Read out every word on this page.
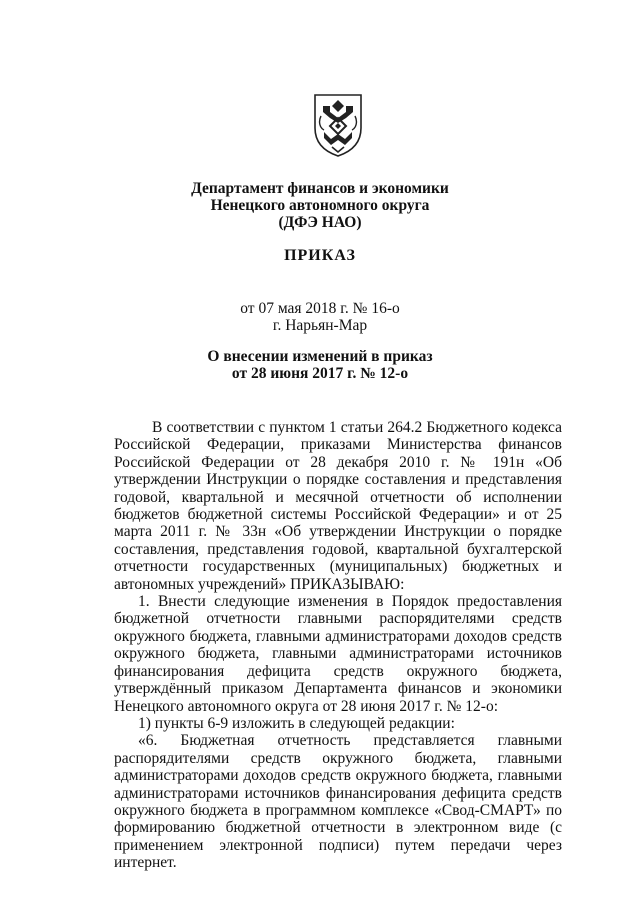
Департамент финансов и экономики
Ненецкого автономного округа
(ДФЭ НАО)
ПРИКАЗ
от 07 мая 2018 г. № 16-о
г. Нарьян-Мар
О внесении изменений в приказ
от 28 июня 2017 г. № 12-о

В соответствии с пунктом 1 статьи 264.2 Бюджетного кодекса Российской Федерации, приказами Министерства финансов Российской Федерации от 28 декабря 2010 г. № 191н «Об утверждении Инструкции о порядке составления и представления годовой, квартальной и месячной отчетности об исполнении бюджетов бюджетной системы Российской Федерации» и от 25 марта 2011 г. № 33н «Об утверждении Инструкции о порядке составления, представления годовой, квартальной бухгалтерской отчетности государственных (муниципальных) бюджетных и автономных учреждений» ПРИКАЗЫВАЮ:

1. Внести следующие изменения в Порядок предоставления бюджетной отчетности главными распорядителями средств окружного бюджета, главными администраторами доходов средств окружного бюджета, главными администраторами источников финансирования дефицита средств окружного бюджета, утверждённый приказом Департамента финансов и экономики Ненецкого автономного округа от 28 июня 2017 г. № 12-о:

1) пункты 6-9 изложить в следующей редакции:

«6. Бюджетная отчетность представляется главными распорядителями средств окружного бюджета, главными администраторами доходов средств окружного бюджета, главными администраторами источников финансирования дефицита средств окружного бюджета в программном комплексе «Свод-СМАРТ» по формированию бюджетной отчетности в электронном виде (с применением электронной подписи) путем передачи через интернет.
